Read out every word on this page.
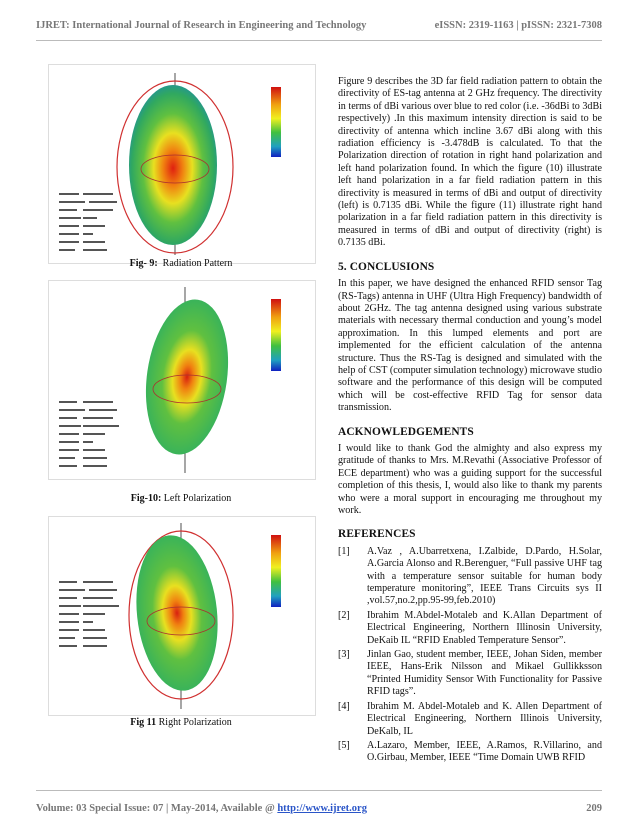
IJRET: International Journal of Research in Engineering and Technology	eISSN: 2319-1163 | pISSN: 2321-7308
Fig- 9: Radiation Pattern
Fig-10: Left Polarization
Fig 11 Right Polarization

Figure 9 describes the 3D far field radiation pattern to obtain the directivity of ES-tag antenna at 2 GHz frequency. The directivity in terms of dBi various over blue to red color (i.e. -36dBi to 3dBi respectively) .In this maximum intensity direction is said to be directivity of antenna which incline 3.67 dBi along with this radiation efficiency is -3.478dB is calculated. To that the Polarization direction of rotation in right hand polarization and left hand polarization found. In which the figure (10) illustrate left hand polarization in a far field radiation pattern in this directivity is measured in terms of dBi and output of directivity (left) is 0.7135 dBi. While the figure (11) illustrate right hand polarization in a far field radiation pattern in this directivity is measured in terms of dBi and output of directivity (right) is 0.7135 dBi.

5. CONCLUSIONS

In this paper, we have designed the enhanced RFID sensor Tag (RS-Tags) antenna in UHF (Ultra High Frequency) bandwidth of about 2GHz. The tag antenna designed using various substrate materials with necessary thermal conduction and young’s model approximation. In this lumped elements and port are implemented for the efficient calculation of the antenna structure. Thus the RS-Tag is designed and simulated with the help of CST (computer simulation technology) microwave studio software and the performance of this design will be computed which will be cost-effective RFID Tag for sensor data transmission.

ACKNOWLEDGEMENTS

I would like to thank God the almighty and also express my gratitude of thanks to Mrs. M.Revathi (Associative Professor of ECE department) who was a guiding support for the successful completion of this thesis, I, would also like to thank my parents who were a moral support in encouraging me throughout my work.

REFERENCES
[1] A.Vaz , A.Ubarretxena, I.Zalbide, D.Pardo, H.Solar, A.Garcia Alonso and R.Berenguer, “Full passive UHF tag with a temperature sensor suitable for human body temperature monitoring”, IEEE Trans Circuits sys II ,vol.57,no.2,pp.95-99,feb.2010)
[2] Ibrahim M.Abdel-Motaleb and K.Allan Department of Electrical Engineering, Northern Illinosin University, DeKaib IL “RFID Enabled Temperature Sensor”.
[3] Jinlan Gao, student member, IEEE, Johan Siden, member IEEE, Hans-Erik Nilsson and Mikael Gullikksson “Printed Humidity Sensor With Functionality for Passive RFID tags”.
[4] Ibrahim M. Abdel-Motaleb and K. Allen Department of Electrical Engineering, Northern Illinois University, DeKalb, IL
[5] A.Lazaro, Member, IEEE, A.Ramos, R.Villarino, and O.Girbau, Member, IEEE “Time Domain UWB RFID
Volume: 03 Special Issue: 07 | May-2014, Available @ http://www.ijret.org	209
